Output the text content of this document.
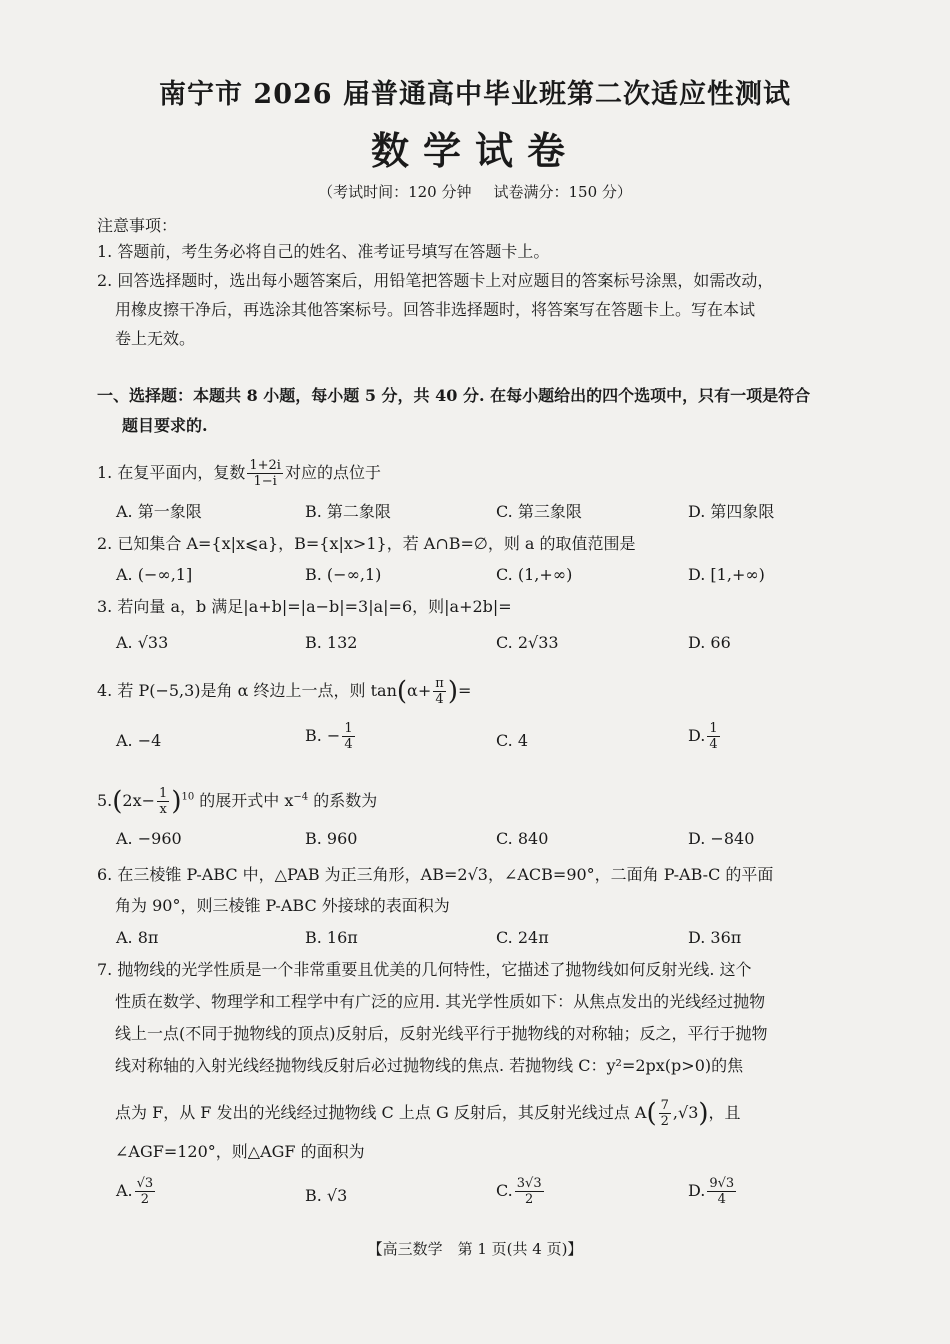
南宁市 2026 届普通高中毕业班第二次适应性测试
数学试卷
（考试时间：120 分钟 试卷满分：150 分）
注意事项：
1. 答题前，考生务必将自己的姓名、准考证号填写在答题卡上。
2. 回答选择题时，选出每小题答案后，用铅笔把答题卡上对应题目的答案标号涂黑，如需改动，
用橡皮擦干净后，再选涂其他答案标号。回答非选择题时，将答案写在答题卡上。写在本试
卷上无效。
一、选择题：本题共 8 小题，每小题 5 分，共 40 分. 在每小题给出的四个选项中，只有一项是符合
题目要求的.
1. 在复平面内，复数 $\frac{1+2i}{1-i}$ 对应的点位于
A. 第一象限	B. 第二象限	C. 第三象限	D. 第四象限
2. 已知集合 A={x|x⩽a}，B={x|x>1}，若 A∩B=∅，则 a 的取值范围是
A. (−∞,1]	B. (−∞,1)	C. (1,+∞)	D. [1,+∞)
3. 若向量 a，b 满足|a+b|=|a−b|=3|a|=6，则|a+2b|=
A. √33	B. 132	C. 2√33	D. 66
4. 若 P(−5,3)是角 α 终边上一点，则 $\tan(\alpha+ \frac{\pi}{4}$ )=
A. −4	B. − $\frac{1}{4}$	C. 4	D. $\frac{1}{4}$
$5.(2x- \frac{1}{x} )^{10}$ 的展开式中 $x^{-4}$ 的系数为
A. −960	B. 960	C. 840	D. −840
6. 在三棱锥 P-ABC 中，△PAB 为正三角形，AB=2√3，∠ACB=90°，二面角 P-AB-C 的平面
角为 90°，则三棱锥 P-ABC 外接球的表面积为
A. 8π	B. 16π	C. 24π	D. 36π
7. 抛物线的光学性质是一个非常重要且优美的几何特性，它描述了抛物线如何反射光线. 这个
性质在数学、物理学和工程学中有广泛的应用. 其光学性质如下：从焦点发出的光线经过抛物
线上一点(不同于抛物线的顶点)反射后，反射光线平行于抛物线的对称轴；反之，平行于抛物
线对称轴的入射光线经抛物线反射后必过抛物线的焦点. 若抛物线 C：y²=2px(p>0)的焦
点为 F，从 F 发出的光线经过抛物线 C 上点 G 反射后，其反射光线过点 $A( \frac{7}{2} ,√3)$，且
∠AGF=120°，则△AGF 的面积为
A. $\frac{√3}{2}$	B. √3	C. $\frac{3√3}{2}$	D. $\frac{9√3}{4}$
【高三数学　第 1 页(共 4 页)】
